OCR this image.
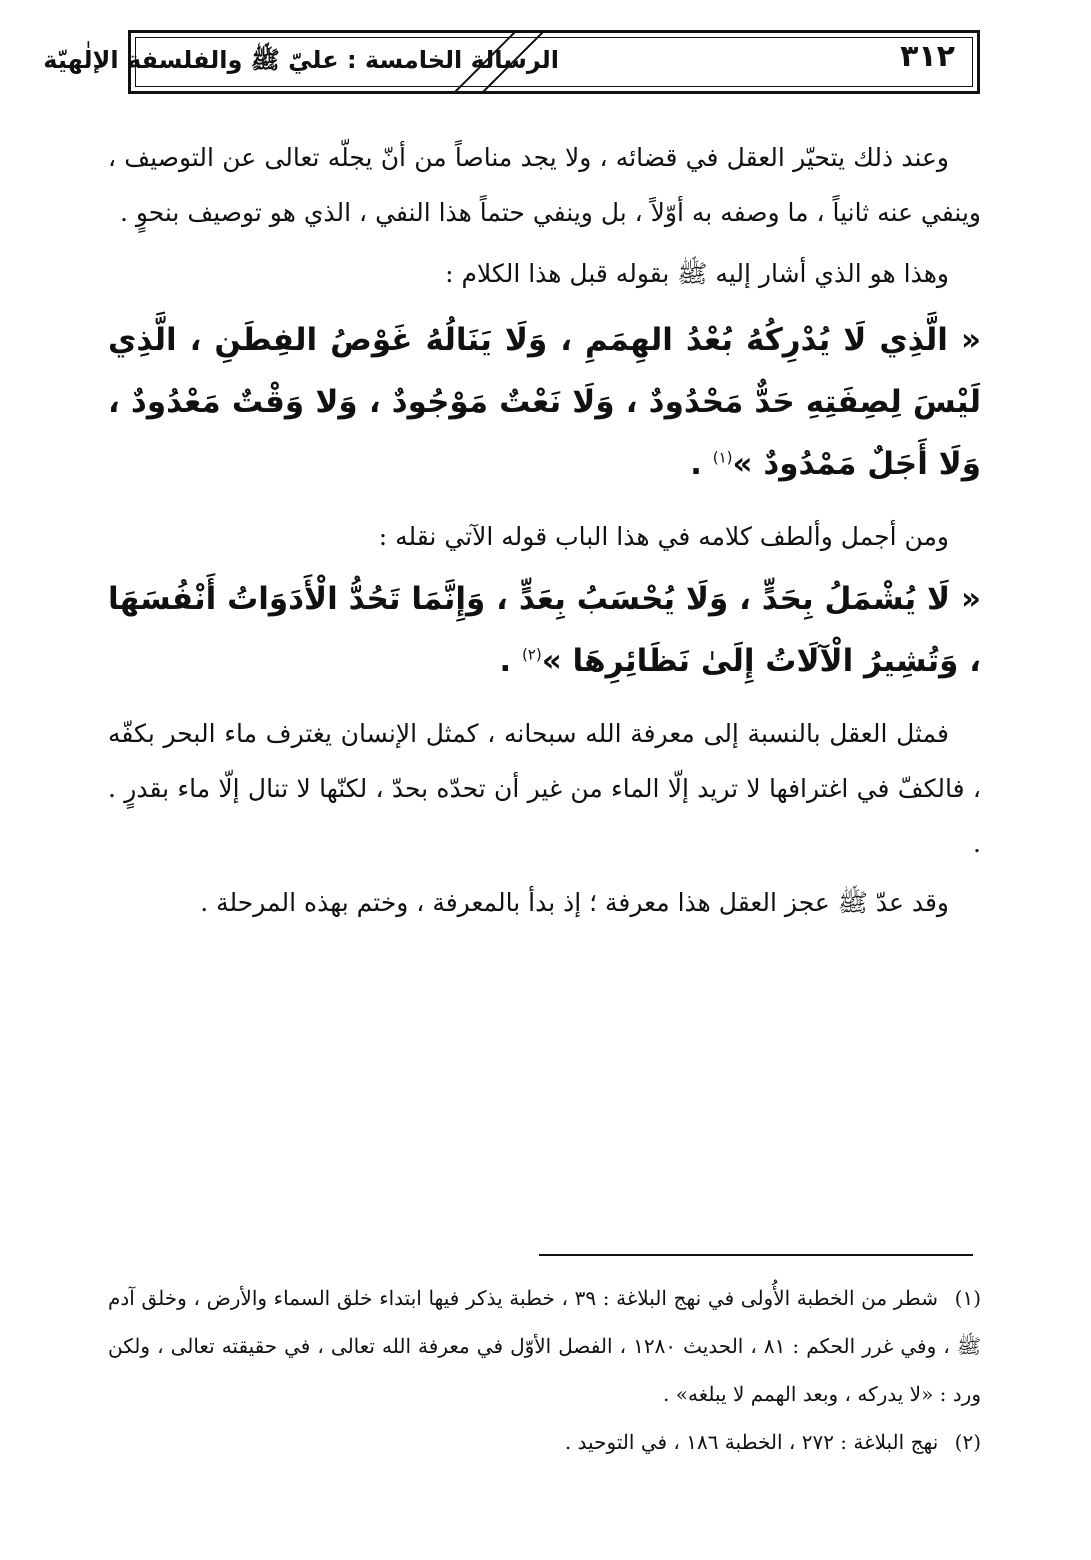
٣١٢
الرسالة الخامسة : عليّ ﷺ والفلسفة الإلٰهيّة

وعند ذلك يتحيّر العقل في قضائه ، ولا يجد مناصاً من أنّ يجلّه تعالى عن التوصيف ، وينفي عنه ثانياً ، ما وصفه به أوّلاً ، بل وينفي حتماً هذا النفي ، الذي هو توصيف بنحوٍ .

وهذا هو الذي أشار إليه ﷺ بقوله قبل هذا الكلام :

« الَّذِي لَا يُدْرِكُهُ بُعْدُ الهِمَمِ ، وَلَا يَنَالُهُ غَوْصُ الفِطَنِ ، الَّذِي لَيْسَ لِصِفَتِهِ حَدٌّ مَحْدُودٌ ، وَلَا نَعْتٌ مَوْجُودٌ ، وَلا وَقْتٌ مَعْدُودٌ ، وَلَا أَجَلٌ مَمْدُودٌ »$^{(١)}$ .

ومن أجمل وألطف كلامه في هذا الباب قوله الآتي نقله :

« لَا يُشْمَلُ بِحَدٍّ ، وَلَا يُحْسَبُ بِعَدٍّ ، وَإِنَّمَا تَحُدُّ الْأَدَوَاتُ أَنْفُسَهَا ، وَتُشِيرُ الْآلَاتُ إِلَىٰ نَظَائِرِهَا »$^{(٢)}$ .

فمثل العقل بالنسبة إلى معرفة الله سبحانه ، كمثل الإنسان يغترف ماء البحر بكفّه ، فالكفّ في اغترافها لا تريد إلّا الماء من غير أن تحدّه بحدّ ، لكنّها لا تنال إلّا ماء بقدرٍ . .

وقد عدّ ﷺ عجز العقل هذا معرفة ؛ إذ بدأ بالمعرفة ، وختم بهذه المرحلة .

(١) شطر من الخطبة الأُولى في نهج البلاغة : ٣٩ ، خطبة يذكر فيها ابتداء خلق السماء والأرض ، وخلق آدم ﷺ ، وفي غرر الحكم : ٨١ ، الحديث ١٢٨٠ ، الفصل الأوّل في معرفة الله تعالى ، في حقيقته تعالى ، ولكن ورد : «لا يدركه ، وبعد الهمم لا يبلغه» .

(٢) نهج البلاغة : ٢٧٢ ، الخطبة ١٨٦ ، في التوحيد .
